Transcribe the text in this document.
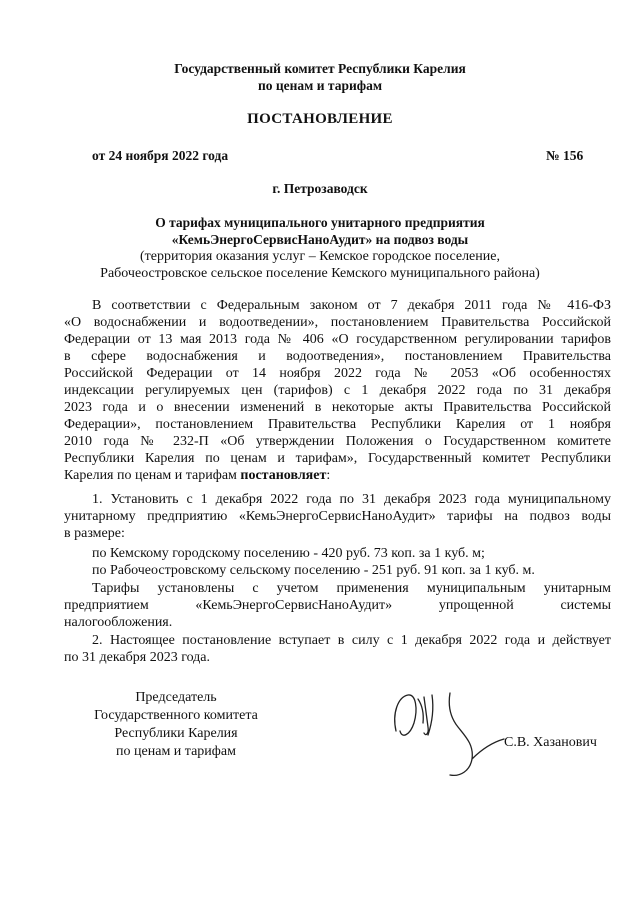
Государственный комитет Республики Карелия
по ценам и тарифам
ПОСТАНОВЛЕНИЕ
от 24 ноября 2022 года	№ 156
г. Петрозаводск
О тарифах муниципального унитарного предприятия
«КемьЭнергоСервисНаноАудит» на подвоз воды
(территория оказания услуг – Кемское городское поселение,
Рабочеостровское сельское поселение Кемского муниципального района)
В соответствии с Федеральным законом от 7 декабря 2011 года № 416-ФЗ
«О водоснабжении и водоотведении», постановлением Правительства Российской
Федерации от 13 мая 2013 года № 406 «О государственном регулировании тарифов
в сфере водоснабжения и водоотведения», постановлением Правительства
Российской Федерации от 14 ноября 2022 года № 2053 «Об особенностях
индексации регулируемых цен (тарифов) с 1 декабря 2022 года по 31 декабря
2023 года и о внесении изменений в некоторые акты Правительства Российской
Федерации», постановлением Правительства Республики Карелия от 1 ноября
2010 года № 232-П «Об утверждении Положения о Государственном комитете
Республики Карелия по ценам и тарифам», Государственный комитет Республики
Карелия по ценам и тарифам постановляет:
1. Установить с 1 декабря 2022 года по 31 декабря 2023 года муниципальному
унитарному предприятию «КемьЭнергоСервисНаноАудит» тарифы на подвоз воды
в размере:
по Кемскому городскому поселению - 420 руб. 73 коп. за 1 куб. м;
по Рабочеостровскому сельскому поселению - 251 руб. 91 коп. за 1 куб. м.
Тарифы установлены с учетом применения муниципальным унитарным
предприятием «КемьЭнергоСервисНаноАудит» упрощенной системы
налогообложения.
2. Настоящее постановление вступает в силу с 1 декабря 2022 года и действует
по 31 декабря 2023 года.
Председатель
Государственного комитета
Республики Карелия
по ценам и тарифам
С.В. Хазанович
